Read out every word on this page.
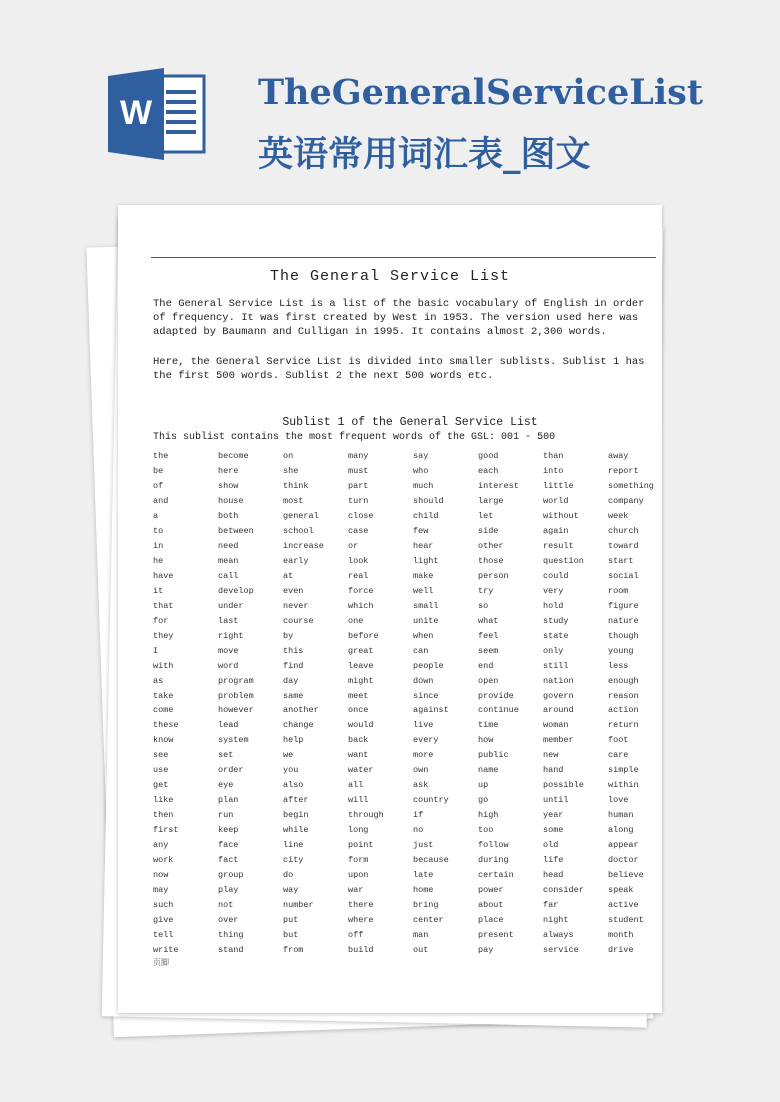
W	TheGeneralServiceList英语常用词汇表_图文
The General Service List
The General Service List is a list of the basic vocabulary of English in order of frequency. It was first created by West in 1953. The version used here was adapted by Baumann and Culligan in 1995. It contains almost 2,300 words.
Here, the General Service List is divided into smaller sublists. Sublist 1 has the first 500 words. Sublist 2 the next 500 words etc.
Sublist 1 of the General Service List
This sublist contains the most frequent words of the GSL: 001 - 500
the	become	on	many	say	good	than	away
be	here	she	must	who	each	into	report
of	show	think	part	much	interest	little	something
and	house	most	turn	should	large	world	company
a	both	general	close	child	let	without	week
to	between	school	case	few	side	again	church
in	need	increase	or	hear	other	result	toward
he	mean	early	look	light	those	question	start
have	call	at	real	make	person	could	social
it	develop	even	force	well	try	very	room
that	under	never	which	small	so	hold	figure
for	last	course	one	unite	what	study	nature
they	right	by	before	when	feel	state	though
I	move	this	great	can	seem	only	young
with	word	find	leave	people	end	still	less
as	program	day	might	down	open	nation	enough
take	problem	same	meet	since	provide	govern	reason
come	however	another	once	against	continue	around	action
these	lead	change	would	live	time	woman	return
know	system	help	back	every	how	member	foot
see	set	we	want	more	public	new	care
use	order	you	water	own	name	hand	simple
get	eye	also	all	ask	up	possible	within
like	plan	after	will	country	go	until	love
then	run	begin	through	if	high	year	human
first	keep	while	long	no	too	some	along
any	face	line	point	just	follow	old	appear
work	fact	city	form	because	during	life	doctor
now	group	do	upon	late	certain	head	believe
may	play	way	war	home	power	consider	speak
such	not	number	there	bring	about	far	active
give	over	put	where	center	place	night	student
tell	thing	but	off	man	present	always	month
write	stand	from	build	out	pay	service	drive
页脚
